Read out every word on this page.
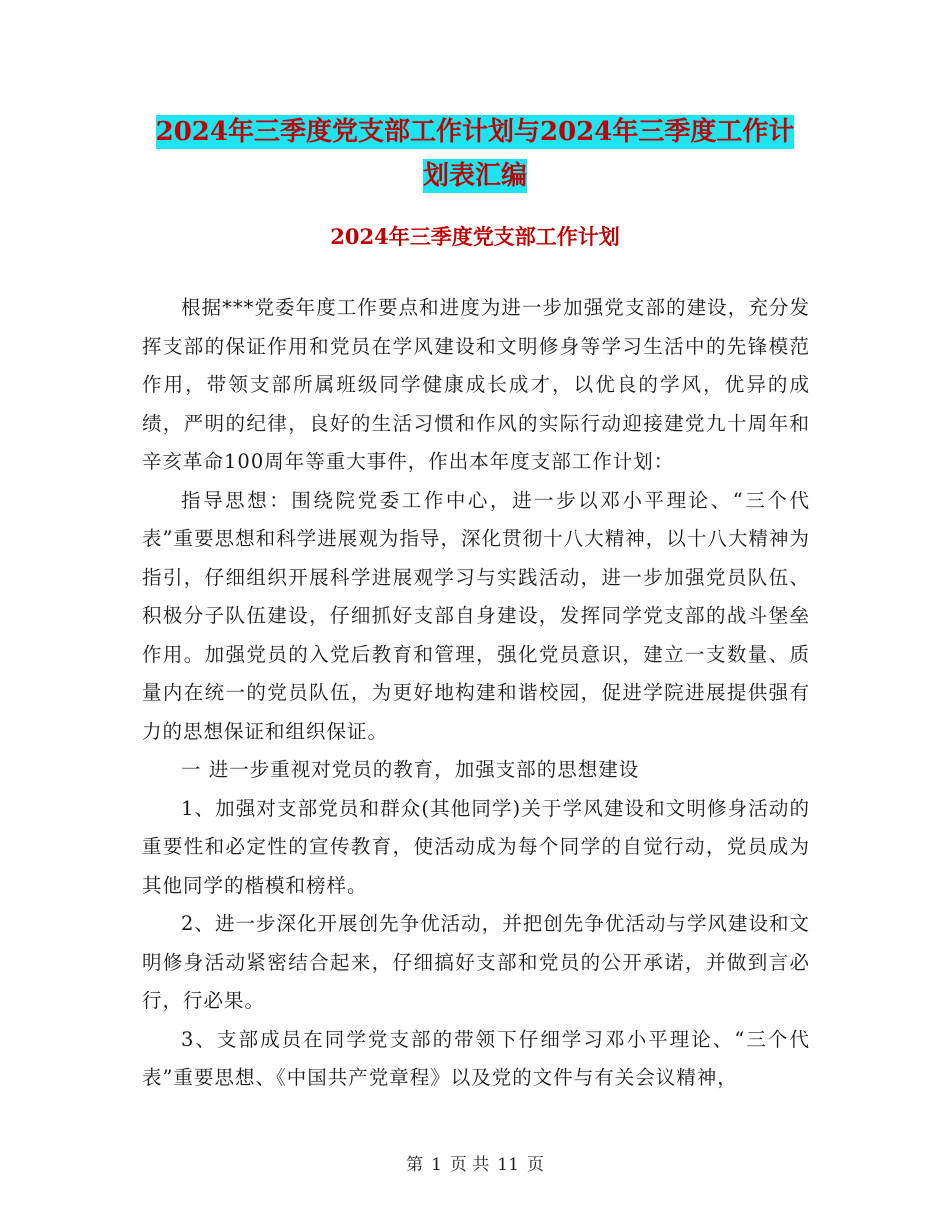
2024年三季度党支部工作计划与2024年三季度工作计
划表汇编
2024年三季度党支部工作计划

根据***党委年度工作要点和进度为进一步加强党支部的建设，充分发挥支部的保证作用和党员在学风建设和文明修身等学习生活中的先锋模范作用，带领支部所属班级同学健康成长成才，以优良的学风，优异的成绩，严明的纪律，良好的生活习惯和作风的实际行动迎接建党九十周年和辛亥革命100周年等重大事件，作出本年度支部工作计划：

指导思想：围绕院党委工作中心，进一步以邓小平理论、“三个代表”重要思想和科学进展观为指导，深化贯彻十八大精神，以十八大精神为指引，仔细组织开展科学进展观学习与实践活动，进一步加强党员队伍、积极分子队伍建设，仔细抓好支部自身建设，发挥同学党支部的战斗堡垒作用。加强党员的入党后教育和管理，强化党员意识，建立一支数量、质量内在统一的党员队伍，为更好地构建和谐校园，促进学院进展提供强有力的思想保证和组织保证。

一 进一步重视对党员的教育，加强支部的思想建设

1、加强对支部党员和群众(其他同学)关于学风建设和文明修身活动的重要性和必定性的宣传教育，使活动成为每个同学的自觉行动，党员成为其他同学的楷模和榜样。

2、进一步深化开展创先争优活动，并把创先争优活动与学风建设和文明修身活动紧密结合起来，仔细搞好支部和党员的公开承诺，并做到言必行，行必果。

3、支部成员在同学党支部的带领下仔细学习邓小平理论、“三个代表”重要思想、《中国共产党章程》以及党的文件与有关会议精神，

第 1 页 共 11 页
